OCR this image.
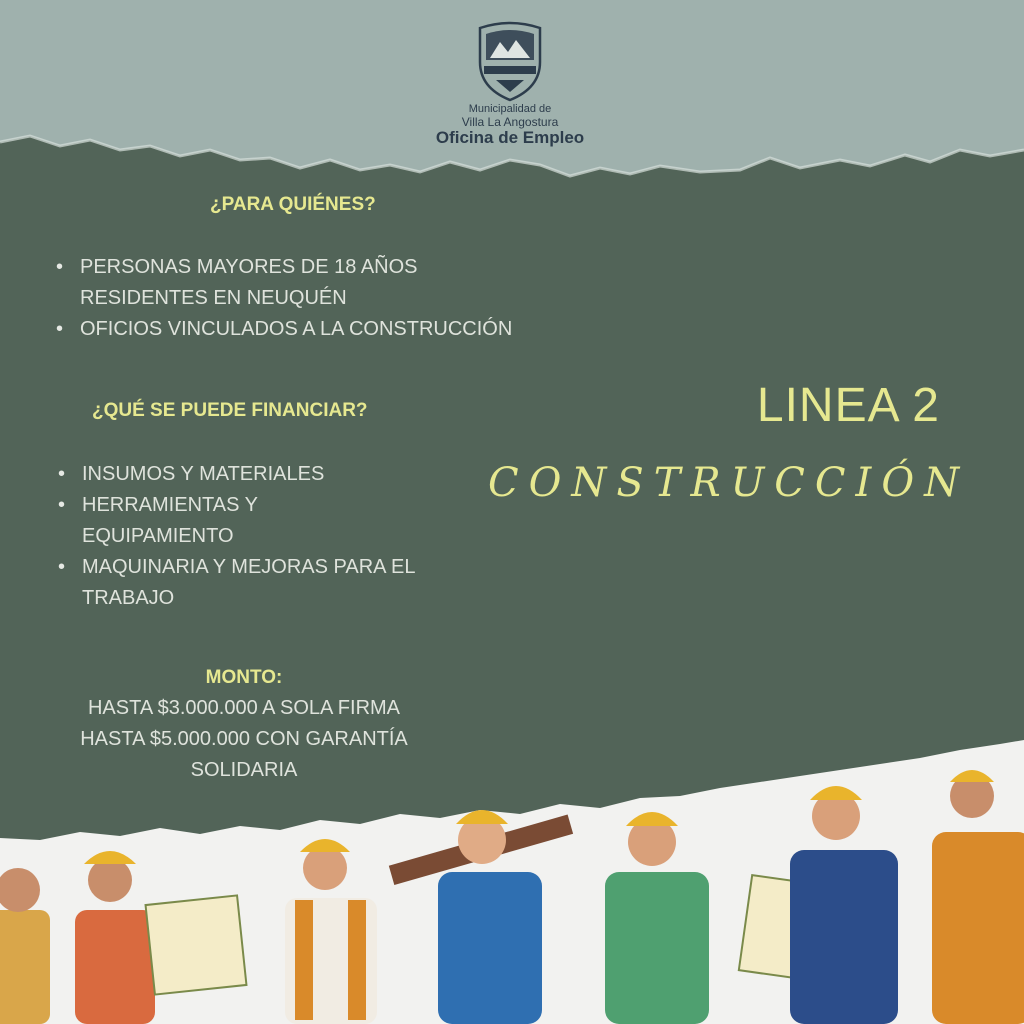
Municipalidad de
Villa La Angostura
Oficina de Empleo
¿PARA QUIÉNES?
• PERSONAS MAYORES DE 18 AÑOS RESIDENTES EN NEUQUÉN
• OFICIOS VINCULADOS A LA CONSTRUCCIÓN
¿QUÉ SE PUEDE FINANCIAR?
• INSUMOS Y MATERIALES
• HERRAMIENTAS Y EQUIPAMIENTO
• MAQUINARIA Y MEJORAS PARA EL TRABAJO
MONTO:
HASTA $3.000.000 A SOLA FIRMA
HASTA $5.000.000 CON GARANTÍA
SOLIDARIA
LINEA 2
CONSTRUCCIÓN
